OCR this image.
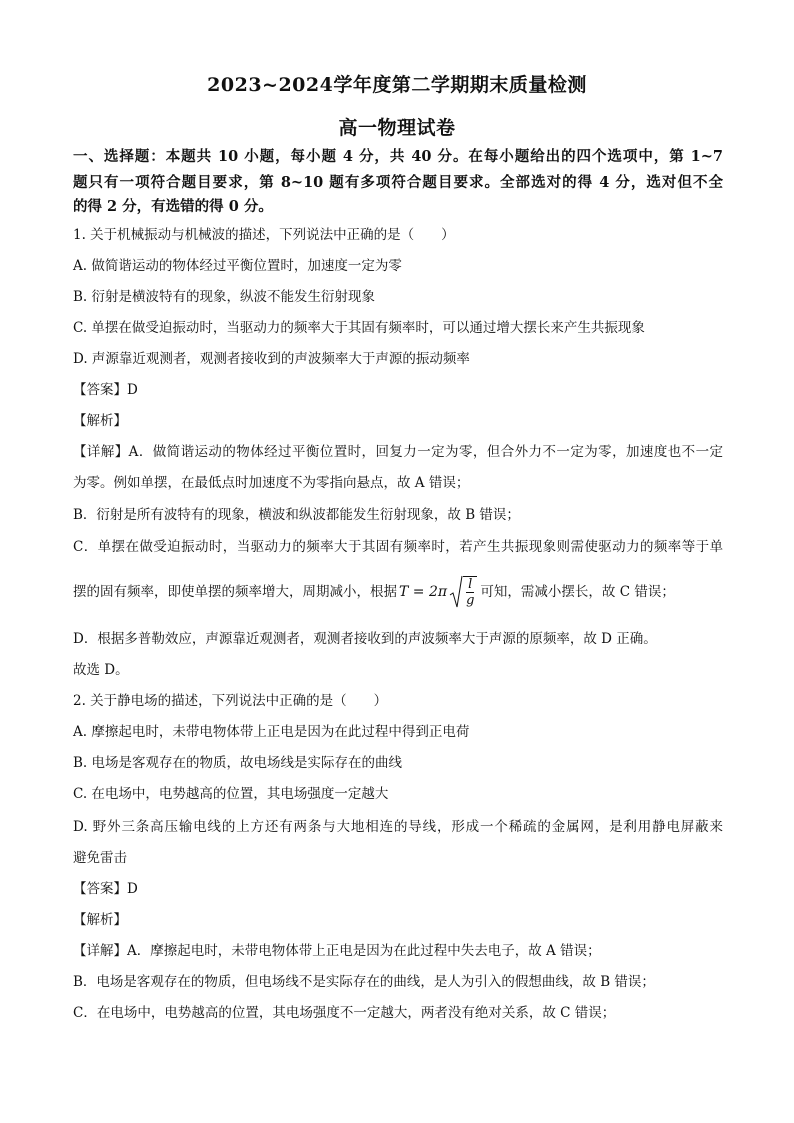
2023~2024学年度第二学期期末质量检测
高一物理试卷
一、选择题：本题共 10 小题，每小题 4 分，共 40 分。在每小题给出的四个选项中，第 1~7
题只有一项符合题目要求，第 8~10 题有多项符合题目要求。全部选对的得 4 分，选对但不全
的得 2 分，有选错的得 0 分。
1. 关于机械振动与机械波的描述，下列说法中正确的是（　　）
A. 做简谐运动的物体经过平衡位置时，加速度一定为零
B. 衍射是横波特有的现象，纵波不能发生衍射现象
C. 单摆在做受迫振动时，当驱动力的频率大于其固有频率时，可以通过增大摆长来产生共振现象
D. 声源靠近观测者，观测者接收到的声波频率大于声源的振动频率
【答案】D
【解析】
【详解】A．做简谐运动的物体经过平衡位置时，回复力一定为零，但合外力不一定为零，加速度也不一定
为零。例如单摆，在最低点时加速度不为零指向悬点，故 A 错误；
B．衍射是所有波特有的现象，横波和纵波都能发生衍射现象，故 B 错误；
C．单摆在做受迫振动时，当驱动力的频率大于其固有频率时，若产生共振现象则需使驱动力的频率等于单
摆的固有频率，即使单摆的频率增大，周期减小，根据 $T = 2\pi \frac{l}{g}$ 可知，需减小摆长，故 C 错误；
D．根据多普勒效应，声源靠近观测者，观测者接收到的声波频率大于声源的原频率，故 D 正确。
故选 D。
2. 关于静电场的描述，下列说法中正确的是（　　）
A. 摩擦起电时，未带电物体带上正电是因为在此过程中得到正电荷
B. 电场是客观存在的物质，故电场线是实际存在的曲线
C. 在电场中，电势越高的位置，其电场强度一定越大
D. 野外三条高压输电线的上方还有两条与大地相连的导线，形成一个稀疏的金属网，是利用静电屏蔽来
避免雷击
【答案】D
【解析】
【详解】A．摩擦起电时，未带电物体带上正电是因为在此过程中失去电子，故 A 错误；
B．电场是客观存在的物质，但电场线不是实际存在的曲线，是人为引入的假想曲线，故 B 错误；
C．在电场中，电势越高的位置，其电场强度不一定越大，两者没有绝对关系，故 C 错误；
